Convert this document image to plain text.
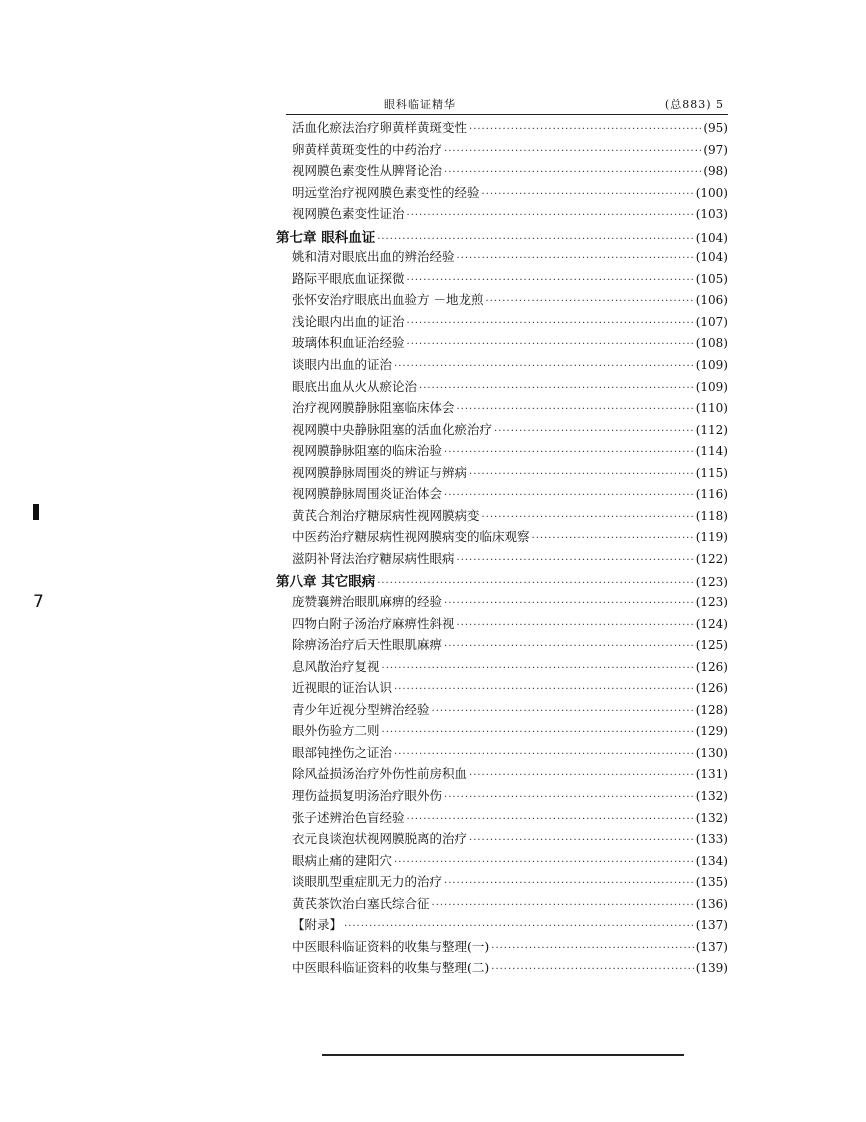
眼科临证精华	(总883) 5
活血化瘀法治疗卵黄样黄斑变性 ·····	(95)
卵黄样黄斑变性的中药治疗 ·····	(97)
视网膜色素变性从脾肾论治 ·····	(98)
明远堂治疗视网膜色素变性的经验 ·····	(100)
视网膜色素变性证治 ·····	(103)
第七章 眼科血证 ·····	(104)
姚和清对眼底出血的辨治经验 ·····	(104)
路际平眼底血证探微 ·····	(105)
张怀安治疗眼底出血验方 －地龙煎 ·····	(106)
浅论眼内出血的证治 ·····	(107)
玻璃体积血证治经验 ·····	(108)
谈眼内出血的证治 ·····	(109)
眼底出血从火从瘀论治 ·····	(109)
治疗视网膜静脉阻塞临床体会 ·····	(110)
视网膜中央静脉阻塞的活血化瘀治疗 ·····	(112)
视网膜静脉阻塞的临床治验 ·····	(114)
视网膜静脉周围炎的辨证与辨病 ·····	(115)
视网膜静脉周围炎证治体会 ·····	(116)
黄芪合剂治疗糖尿病性视网膜病变 ·····	(118)
中医药治疗糖尿病性视网膜病变的临床观察 ·····	(119)
滋阴补肾法治疗糖尿病性眼病 ·····	(122)
第八章 其它眼病 ·····	(123)
庞赞襄辨治眼肌麻痹的经验 ·····	(123)
四物白附子汤治疗麻痹性斜视 ·····	(124)
除痹汤治疗后天性眼肌麻痹 ·····	(125)
息风散治疗复视 ·····	(126)
近视眼的证治认识 ·····	(126)
青少年近视分型辨治经验 ·····	(128)
眼外伤验方二则 ·····	(129)
眼部钝挫伤之证治 ·····	(130)
除风益损汤治疗外伤性前房积血 ·····	(131)
理伤益损复明汤治疗眼外伤 ·····	(132)
张子述辨治色盲经验 ·····	(132)
衣元良谈泡状视网膜脱离的治疗 ·····	(133)
眼病止痛的建阳穴 ·····	(134)
谈眼肌型重症肌无力的治疗 ·····	(135)
黄芪茶饮治白塞氏综合征 ·····	(136)
【附录】 ·····	(137)
中医眼科临证资料的收集与整理(一) ·····	(137)
中医眼科临证资料的收集与整理(二) ·····	(139)
7
